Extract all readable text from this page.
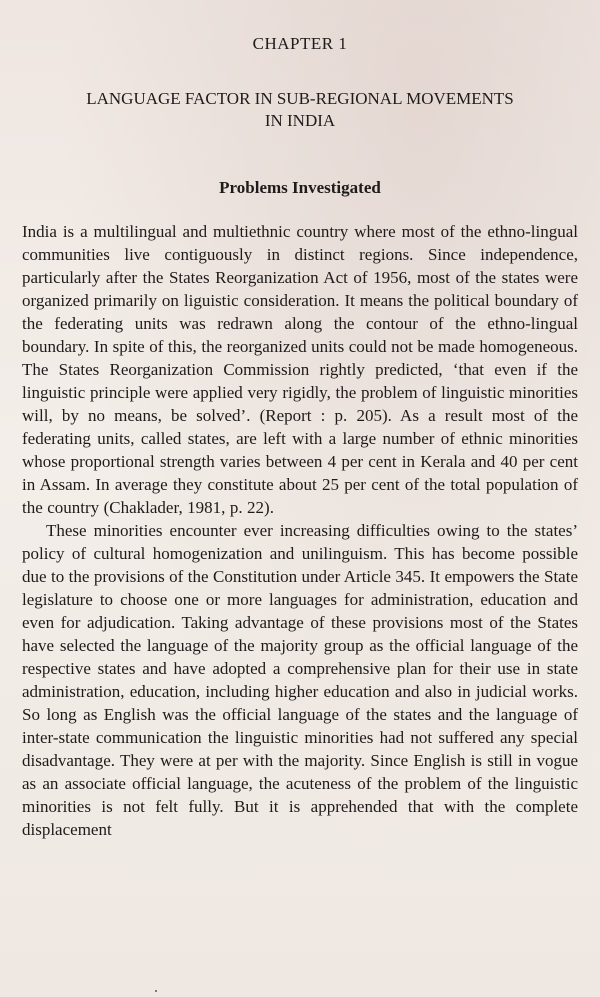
CHAPTER 1
LANGUAGE FACTOR IN SUB-REGIONAL MOVEMENTS
IN INDIA
Problems Investigated

India is a multilingual and multiethnic country where most of the ethno-lingual communities live contiguously in distinct regions. Since independence, particularly after the States Reorganization Act of 1956, most of the states were organized primarily on liguistic consideration. It means the political boundary of the federating units was redrawn along the contour of the ethno-lingual boundary. In spite of this, the reorganized units could not be made homogeneous. The States Reorganization Commission rightly predicted, ‘that even if the linguistic principle were applied very rigidly, the problem of linguistic minorities will, by no means, be solved’. (Report : p. 205). As a result most of the federating units, called states, are left with a large number of ethnic minorities whose proportional strength varies between 4 per cent in Kerala and 40 per cent in Assam. In average they constitute about 25 per cent of the total population of the country (Chaklader, 1981, p. 22).

These minorities encounter ever increasing difficulties owing to the states’ policy of cultural homogenization and unilinguism. This has become possible due to the provisions of the Constitution under Article 345. It empowers the State legislature to choose one or more languages for administration, education and even for adjudication. Taking advantage of these provisions most of the States have selected the language of the majority group as the official language of the respective states and have adopted a comprehensive plan for their use in state administration, education, including higher education and also in judicial works. So long as English was the official language of the states and the language of inter-state communication the linguistic minorities had not suffered any special disadvantage. They were at per with the majority. Since English is still in vogue as an associate official language, the acuteness of the problem of the linguistic minorities is not felt fully. But it is apprehended that with the complete displacement
